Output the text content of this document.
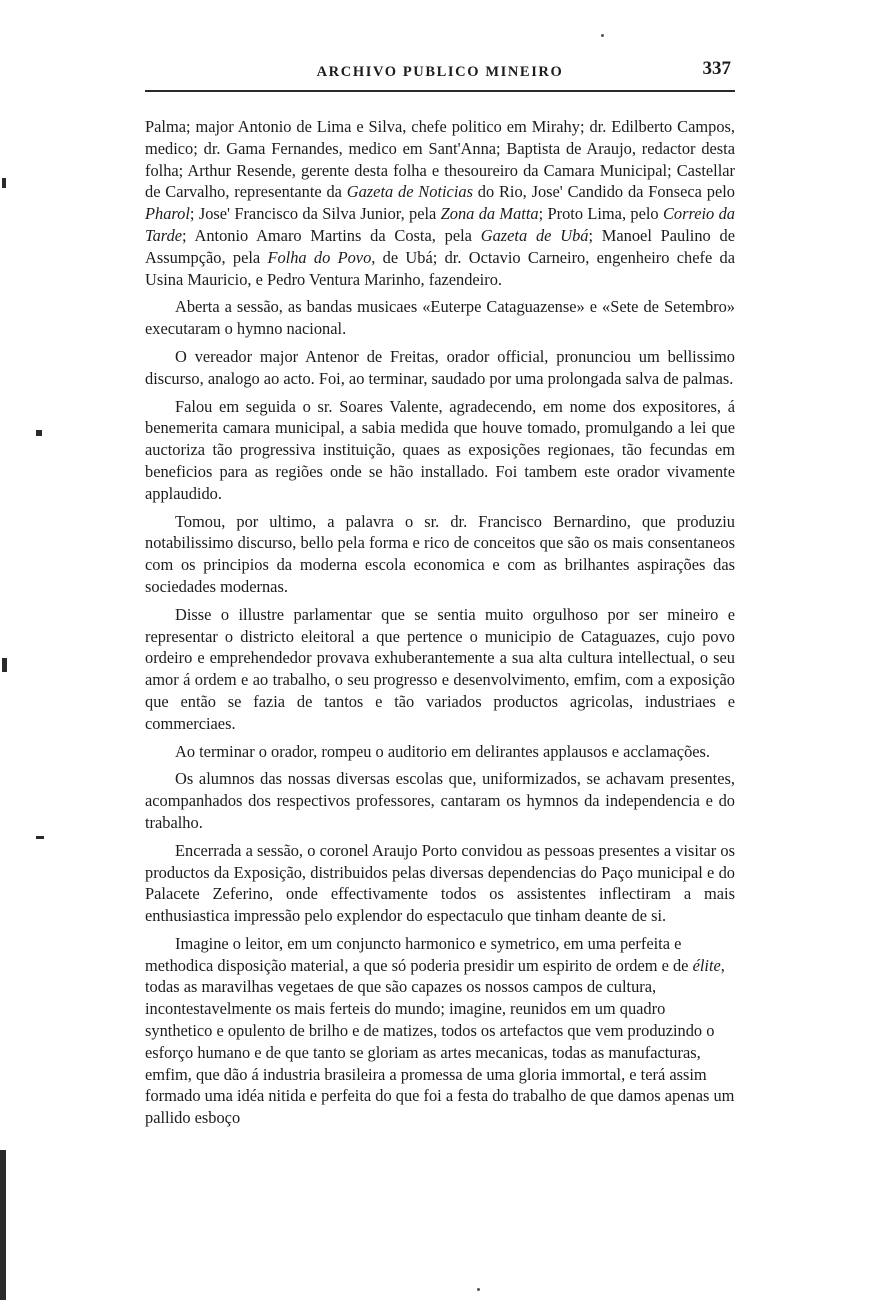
ARCHIVO PUBLICO MINEIRO	337

Palma; major Antonio de Lima e Silva, chefe politico em Mirahy; dr. Edilberto Campos, medico; dr. Gama Fernandes, medico em Sant'Anna; Baptista de Araujo, redactor desta folha; Arthur Resende, gerente desta folha e thesoureiro da Camara Municipal; Castellar de Carvalho, representante da Gazeta de Noticias do Rio, Jose' Candido da Fonseca pelo Pharol; Jose' Francisco da Silva Junior, pela Zona da Matta; Proto Lima, pelo Correio da Tarde; Antonio Amaro Martins da Costa, pela Gazeta de Ubá; Manoel Paulino de Assumpção, pela Folha do Povo, de Ubá; dr. Octavio Carneiro, engenheiro chefe da Usina Mauricio, e Pedro Ventura Marinho, fazendeiro.

Aberta a sessão, as bandas musicaes «Euterpe Cataguazense» e «Sete de Setembro» executaram o hymno nacional.

O vereador major Antenor de Freitas, orador official, pronunciou um bellissimo discurso, analogo ao acto. Foi, ao terminar, saudado por uma prolongada salva de palmas.

Falou em seguida o sr. Soares Valente, agradecendo, em nome dos expositores, á benemerita camara municipal, a sabia medida que houve tomado, promulgando a lei que auctoriza tão progressiva instituição, quaes as exposições regionaes, tão fecundas em beneficios para as regiões onde se hão installado. Foi tambem este orador vivamente applaudido.

Tomou, por ultimo, a palavra o sr. dr. Francisco Bernardino, que produziu notabilissimo discurso, bello pela forma e rico de conceitos que são os mais consentaneos com os principios da moderna escola economica e com as brilhantes aspirações das sociedades modernas.

Disse o illustre parlamentar que se sentia muito orgulhoso por ser mineiro e representar o districto eleitoral a que pertence o municipio de Cataguazes, cujo povo ordeiro e emprehendedor provava exhuberantemente a sua alta cultura intellectual, o seu amor á ordem e ao trabalho, o seu progresso e desenvolvimento, emfim, com a exposição que então se fazia de tantos e tão variados productos agricolas, industriaes e commerciaes.

Ao terminar o orador, rompeu o auditorio em delirantes applausos e acclamações.

Os alumnos das nossas diversas escolas que, uniformizados, se achavam presentes, acompanhados dos respectivos professores, cantaram os hymnos da independencia e do trabalho.

Encerrada a sessão, o coronel Araujo Porto convidou as pessoas presentes a visitar os productos da Exposição, distribuidos pelas diversas dependencias do Paço municipal e do Palacete Zeferino, onde effectivamente todos os assistentes inflectiram a mais enthusiastica impressão pelo explendor do espectaculo que tinham deante de si.

Imagine o leitor, em um conjuncto harmonico e symetrico, em uma perfeita e methodica disposição material, a que só poderia presidir um espirito de ordem e de élite, todas as maravilhas vegetaes de que são capazes os nossos campos de cultura, incontestavelmente os mais ferteis do mundo; imagine, reunidos em um quadro synthetico e opulento de brilho e de matizes, todos os artefactos que vem produzindo o esforço humano e de que tanto se gloriam as artes mecanicas, todas as manufacturas, emfim, que dão á industria brasileira a promessa de uma gloria immortal, e terá assim formado uma idéa nitida e perfeita do que foi a festa do trabalho de que damos apenas um pallido esboço
